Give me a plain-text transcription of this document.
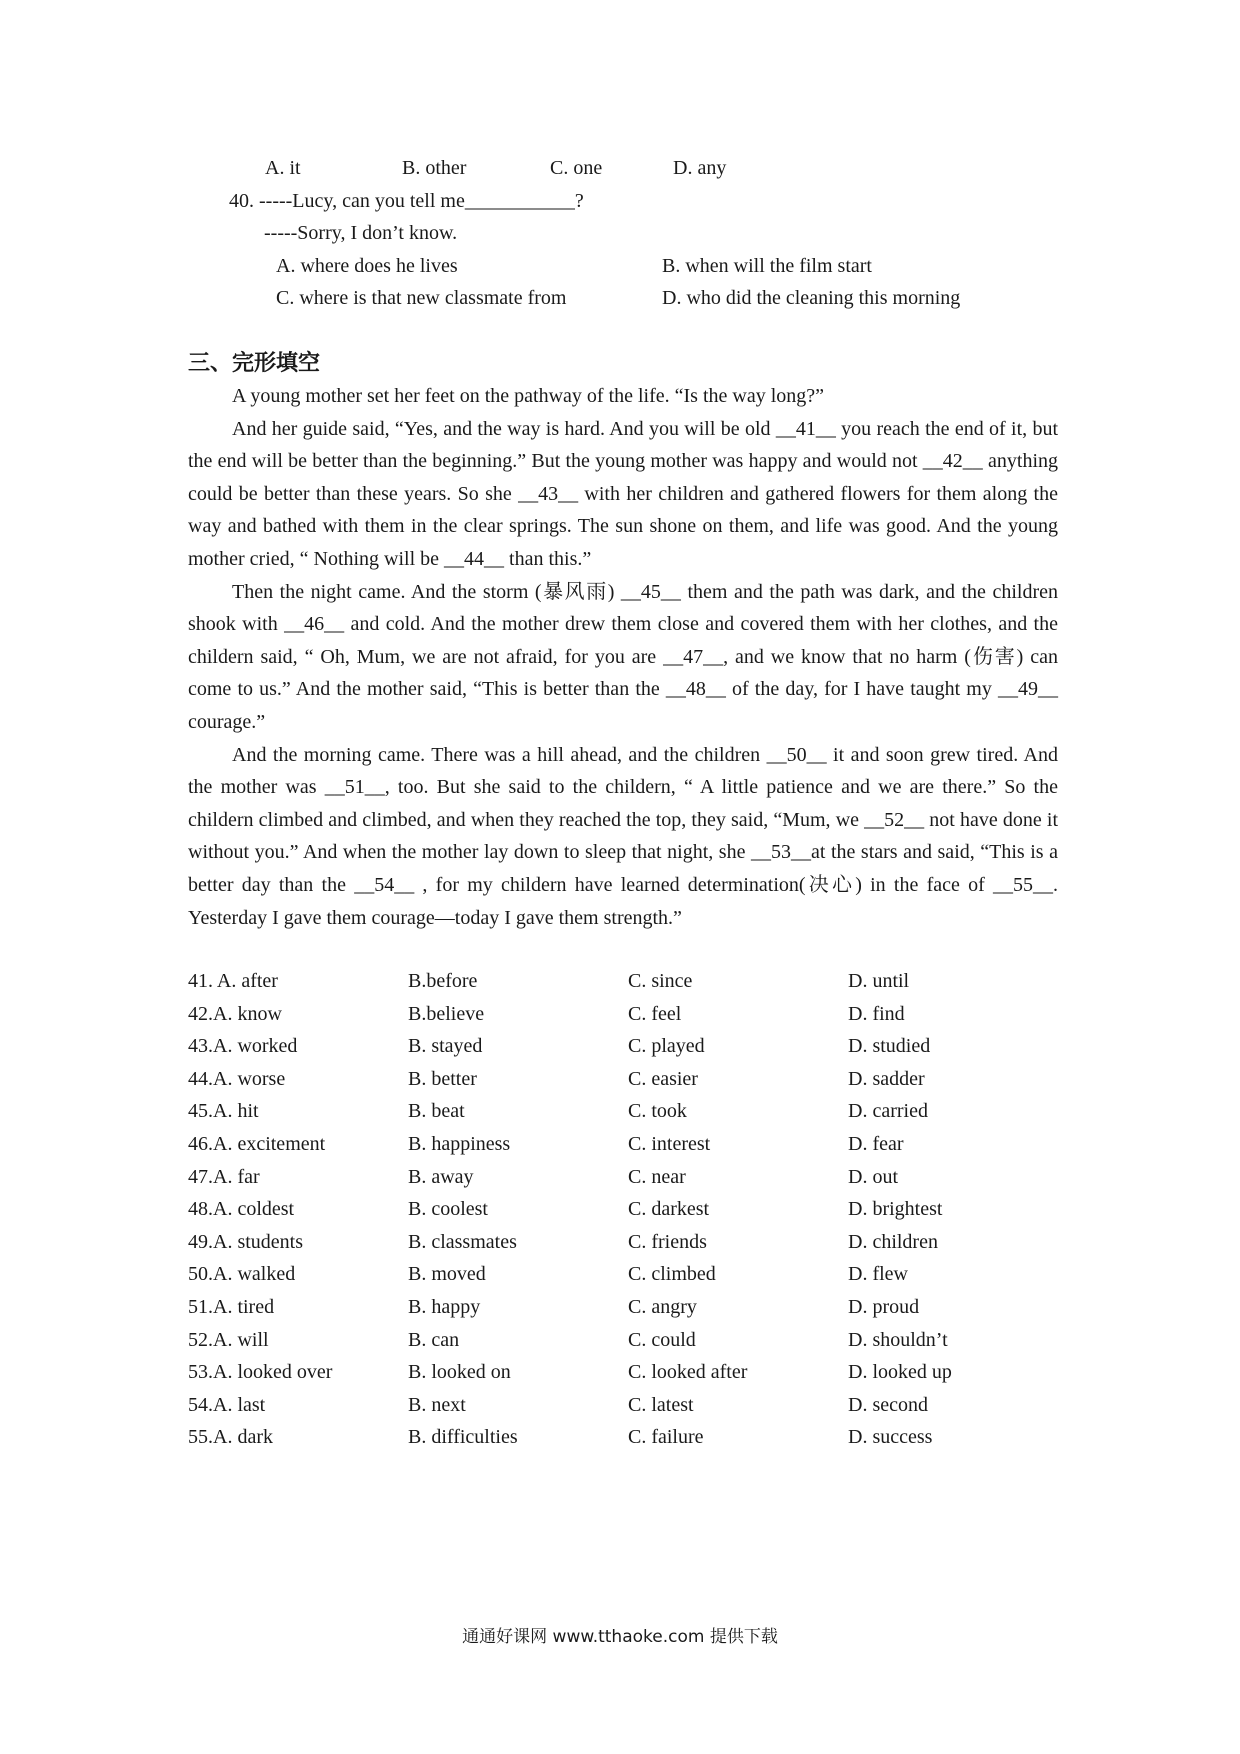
A. it	B. other	C. one	D. any
40. -----Lucy, can you tell me___________?
-----Sorry, I don’t know.
A. where does he lives	B. when will the film start
C. where is that new classmate from	D. who did the cleaning this morning
三、完形填空

A young mother set her feet on the pathway of the life. “Is the way long?”

And her guide said, “Yes, and the way is hard. And you will be old __41__ you reach the end of it, but the end will be better than the beginning.” But the young mother was happy and would not __42__ anything could be better than these years. So she __43__ with her children and gathered flowers for them along the way and bathed with them in the clear springs. The sun shone on them, and life was good. And the young mother cried, “ Nothing will be __44__ than this.”

Then the night came. And the storm (暴风雨) __45__ them and the path was dark, and the children shook with __46__ and cold. And the mother drew them close and covered them with her clothes, and the childern said, “ Oh, Mum, we are not afraid, for you are __47__, and we know that no harm (伤害) can come to us.” And the mother said, “This is better than the __48__ of the day, for I have taught my __49__ courage.”

And the morning came. There was a hill ahead, and the children __50__ it and soon grew tired. And the mother was __51__, too. But she said to the childern, “ A little patience and we are there.” So the childern climbed and climbed, and when they reached the top, they said, “Mum, we __52__ not have done it without you.” And when the mother lay down to sleep that night, she __53__at the stars and said, “This is a better day than the __54__ , for my childern have learned determination(决心) in the face of __55__. Yesterday I gave them courage—today I gave them strength.”

41. A. after	B.before	C. since	D. until
42.A. know	B.believe	C. feel	D. find
43.A. worked	B. stayed	C. played	D. studied
44.A. worse	B. better	C. easier	D. sadder
45.A. hit	B. beat	C. took	D. carried
46.A. excitement	B. happiness	C. interest	D. fear
47.A. far	B. away	C. near	D. out
48.A. coldest	B. coolest	C. darkest	D. brightest
49.A. students	B. classmates	C. friends	D. children
50.A. walked	B. moved	C. climbed	D. flew
51.A. tired	B. happy	C. angry	D. proud
52.A. will	B. can	C. could	D. shouldn’t
53.A. looked over	B. looked on	C. looked after	D. looked up
54.A. last	B. next	C. latest	D. second
55.A. dark	B. difficulties	C. failure	D. success
通通好课网 www.tthaoke.com 提供下载
